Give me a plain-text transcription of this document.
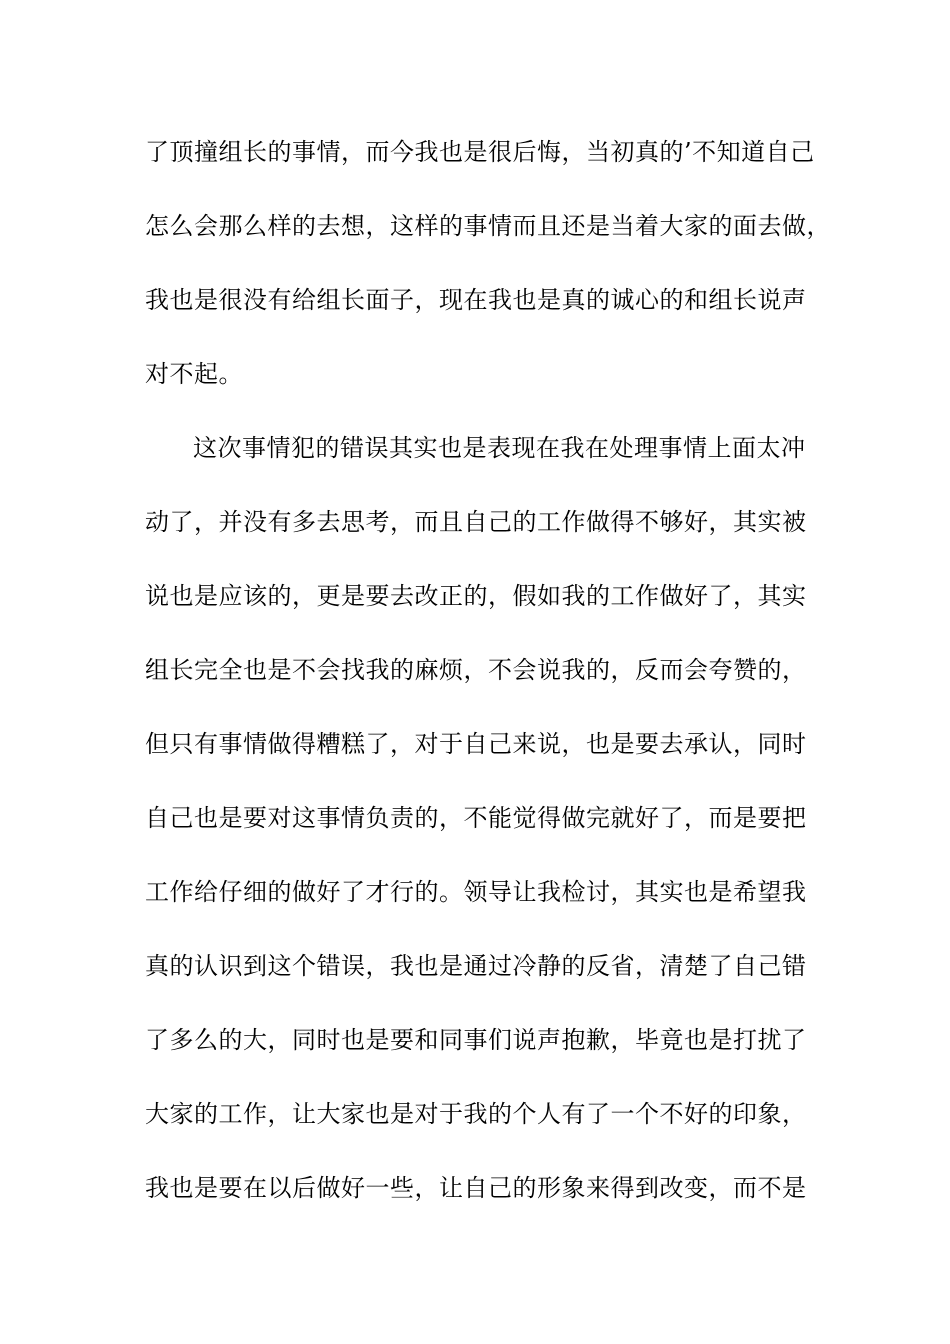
了顶撞组长的事情，而今我也是很后悔，当初真的’不知道自己
怎么会那么样的去想，这样的事情而且还是当着大家的面去做，
我也是很没有给组长面子，现在我也是真的诚心的和组长说声
对不起。
这次事情犯的错误其实也是表现在我在处理事情上面太冲
动了，并没有多去思考，而且自己的工作做得不够好，其实被
说也是应该的，更是要去改正的，假如我的工作做好了，其实
组长完全也是不会找我的麻烦，不会说我的，反而会夸赞的，
但只有事情做得糟糕了，对于自己来说，也是要去承认，同时
自己也是要对这事情负责的，不能觉得做完就好了，而是要把
工作给仔细的做好了才行的。领导让我检讨，其实也是希望我
真的认识到这个错误，我也是通过冷静的反省，清楚了自己错
了多么的大，同时也是要和同事们说声抱歉，毕竟也是打扰了
大家的工作，让大家也是对于我的个人有了一个不好的印象，
我也是要在以后做好一些，让自己的形象来得到改变，而不是
